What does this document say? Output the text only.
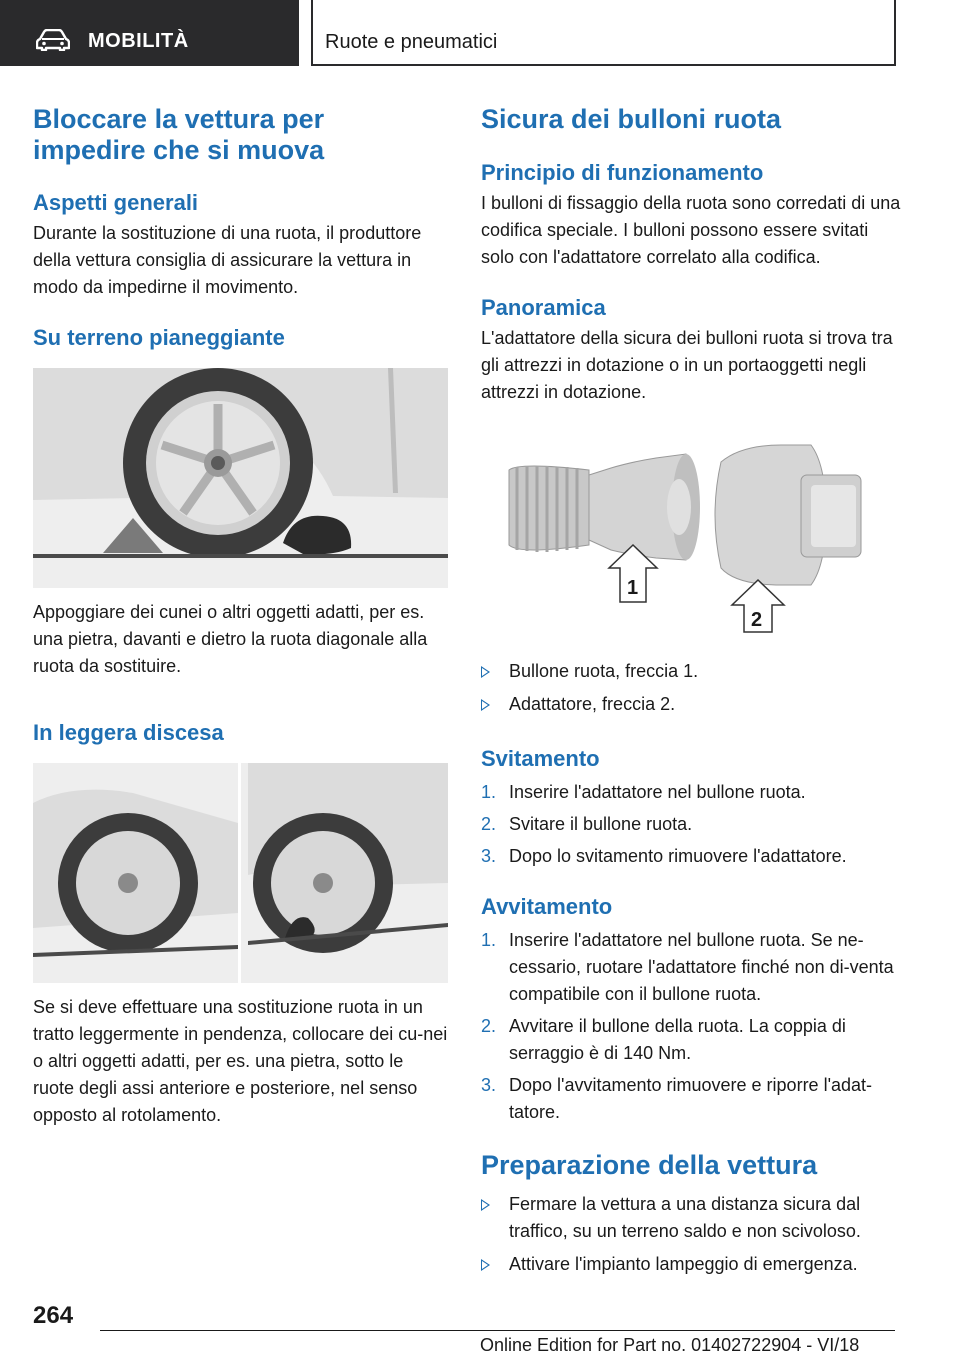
MOBILITÀ	Ruote e pneumatici
Bloccare la vettura per impedire che si muova
Aspetti generali

Durante la sostituzione di una ruota, il produttore della vettura consiglia di assicurare la vettura in modo da impedirne il movimento.

Su terreno pianeggiante

Appoggiare dei cunei o altri oggetti adatti, per es. una pietra, davanti e dietro la ruota diagonale alla ruota da sostituire.

In leggera discesa

Se si deve effettuare una sostituzione ruota in un tratto leggermente in pendenza, collocare dei cu-nei o altri oggetti adatti, per es. una pietra, sotto le ruote degli assi anteriore e posteriore, nel senso opposto al rotolamento.

Sicura dei bulloni ruota
Principio di funzionamento

I bulloni di fissaggio della ruota sono corredati di una codifica speciale. I bulloni possono essere svitati solo con l'adattatore correlato alla codifica.

Panoramica

L'adattatore della sicura dei bulloni ruota si trova tra gli attrezzi in dotazione o in un portaoggetti negli attrezzi in dotazione.

1
2
Bullone ruota, freccia 1.
Adattatore, freccia 2.
Svitamento
1. Inserire l'adattatore nel bullone ruota.
2. Svitare il bullone ruota.
3. Dopo lo svitamento rimuovere l'adattatore.
Avvitamento
1. Inserire l'adattatore nel bullone ruota. Se ne-cessario, ruotare l'adattatore finché non di-venta compatibile con il bullone ruota.
2. Avvitare il bullone della ruota. La coppia di serraggio è di 140 Nm.
3. Dopo l'avvitamento rimuovere e riporre l'adat-tatore.
Preparazione della vettura
Fermare la vettura a una distanza sicura dal traffico, su un terreno saldo e non scivoloso.
Attivare l'impianto lampeggio di emergenza.
264
Online Edition for Part no. 01402722904 - VI/18
